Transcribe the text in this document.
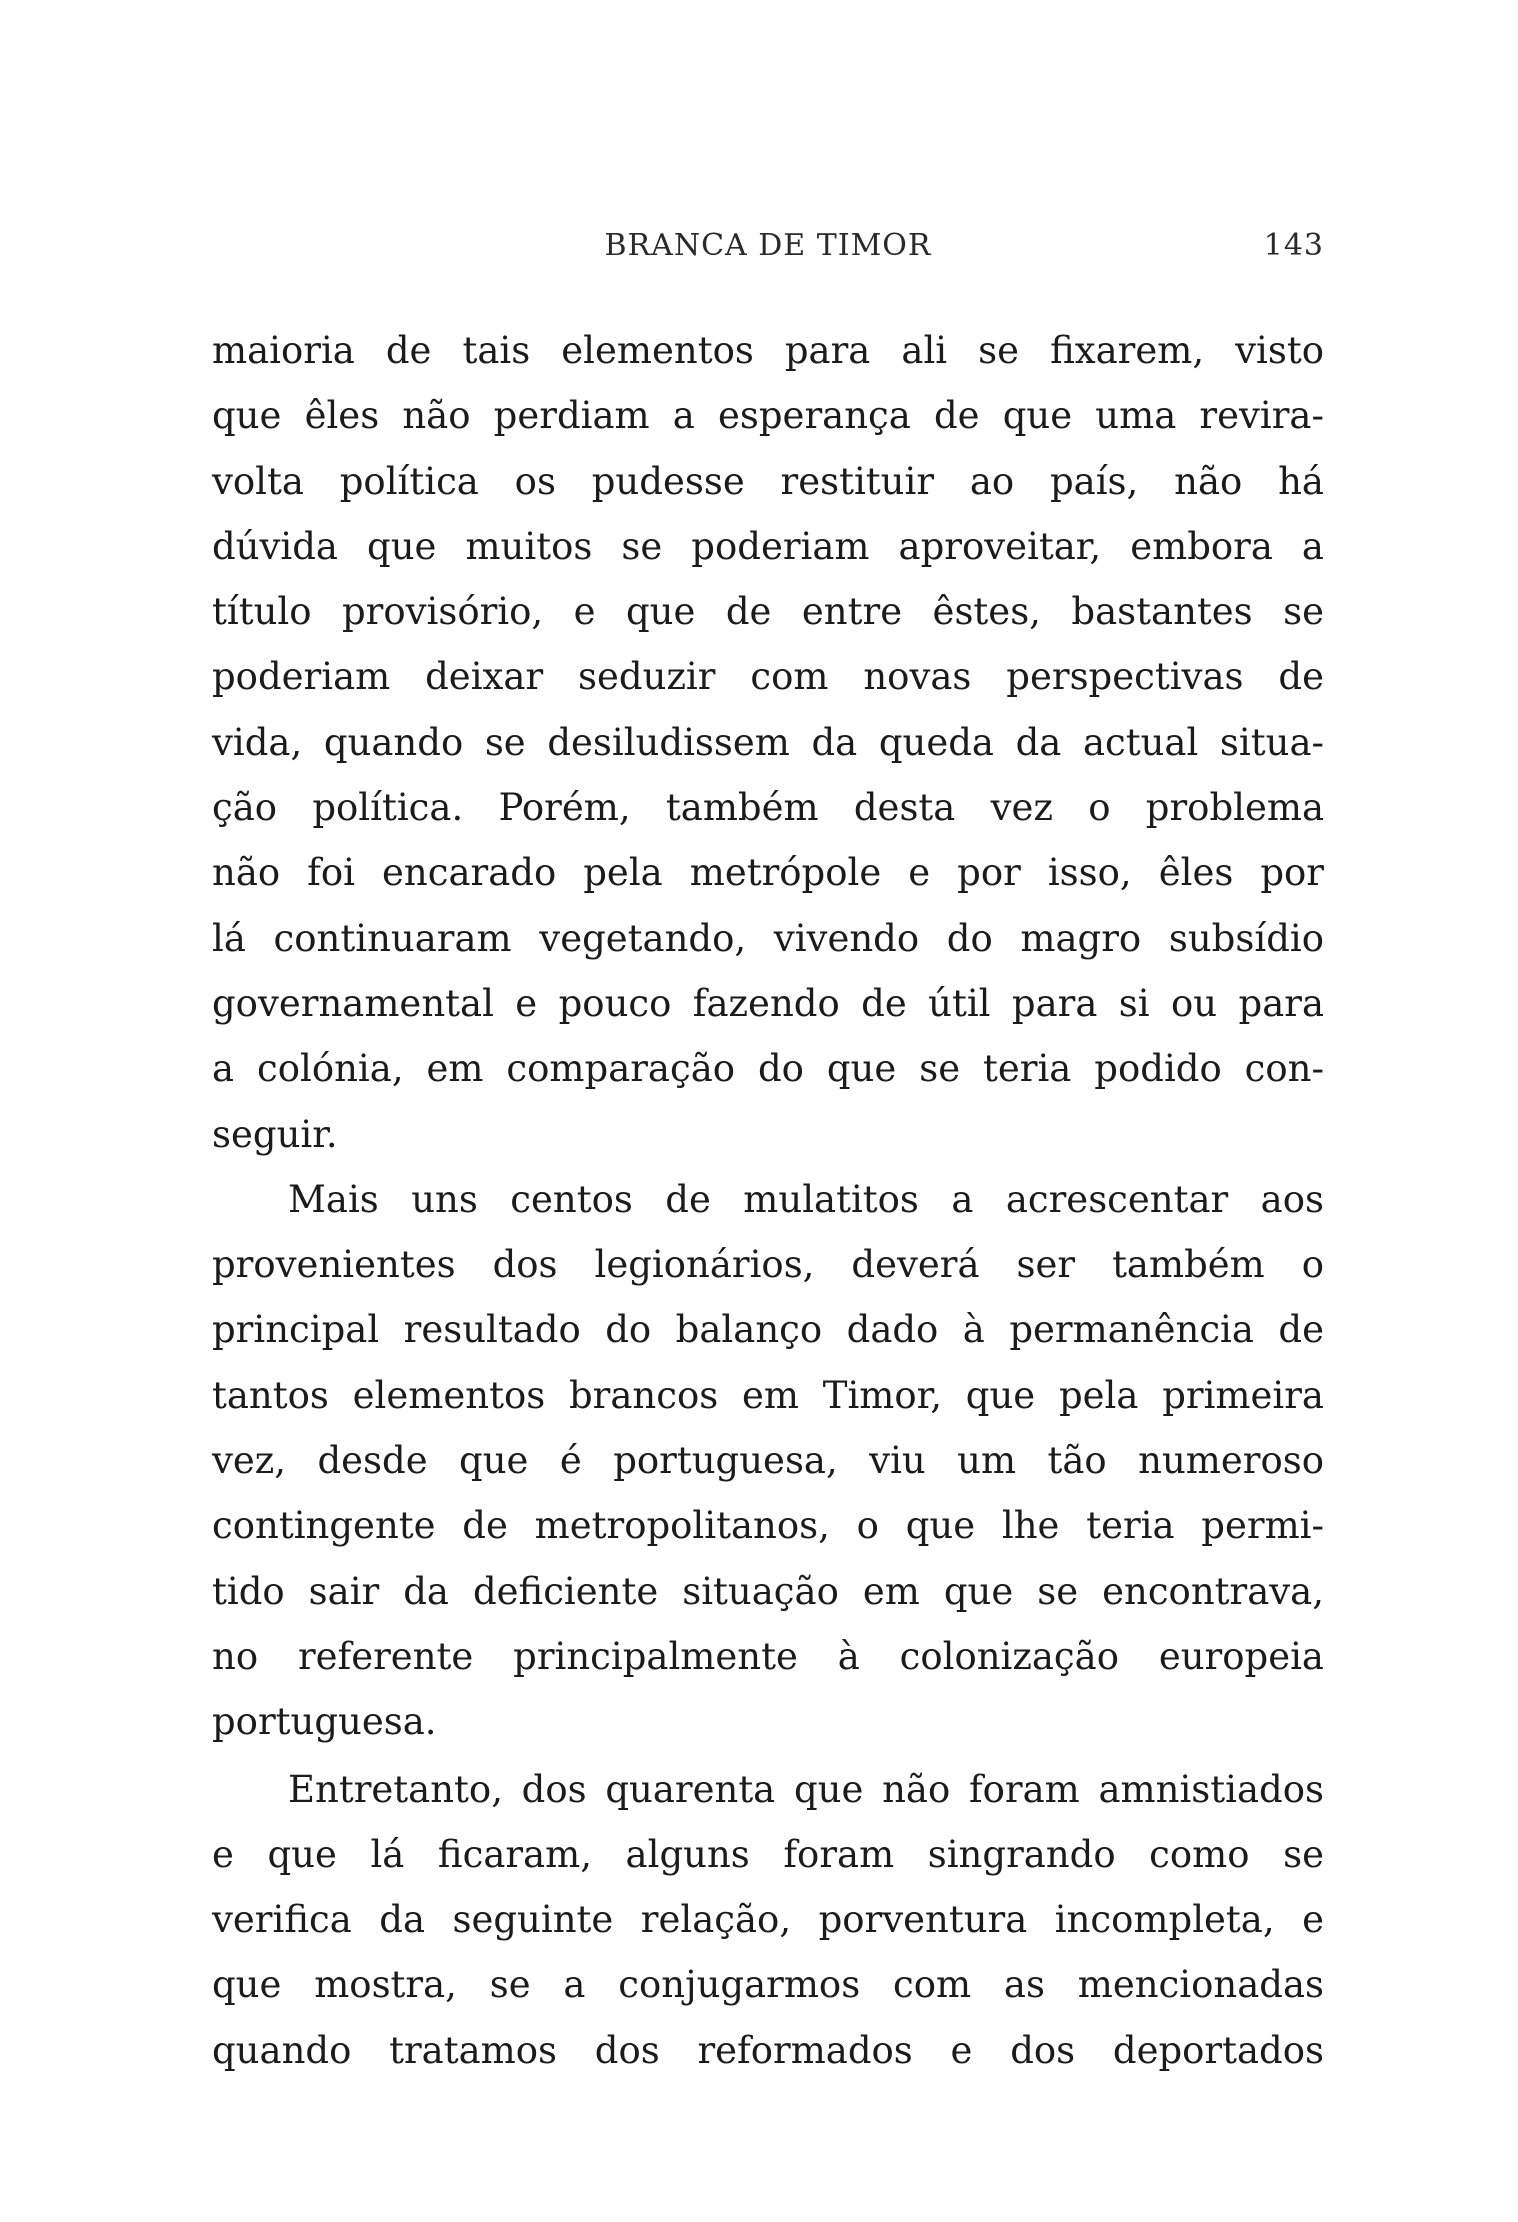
BRANCA DE TIMOR	143
maioria de tais elementos para ali se fixarem, visto
que êles não perdiam a esperança de que uma revira-
volta política os pudesse restituir ao país, não há
dúvida que muitos se poderiam aproveitar, embora a
título provisório, e que de entre êstes, bastantes se
poderiam deixar seduzir com novas perspectivas de
vida, quando se desiludissem da queda da actual situa-
ção política. Porém, também desta vez o problema
não foi encarado pela metrópole e por isso, êles por
lá continuaram vegetando, vivendo do magro subsídio
governamental e pouco fazendo de útil para si ou para
a colónia, em comparação do que se teria podido con-
seguir.
Mais uns centos de mulatitos a acrescentar aos
provenientes dos legionários, deverá ser também o
principal resultado do balanço dado à permanência de
tantos elementos brancos em Timor, que pela primeira
vez, desde que é portuguesa, viu um tão numeroso
contingente de metropolitanos, o que lhe teria permi-
tido sair da deficiente situação em que se encontrava,
no referente principalmente à colonização europeia
portuguesa.
Entretanto, dos quarenta que não foram amnistiados
e que lá ficaram, alguns foram singrando como se
verifica da seguinte relação, porventura incompleta, e
que mostra, se a conjugarmos com as mencionadas
quando tratamos dos reformados e dos deportados
